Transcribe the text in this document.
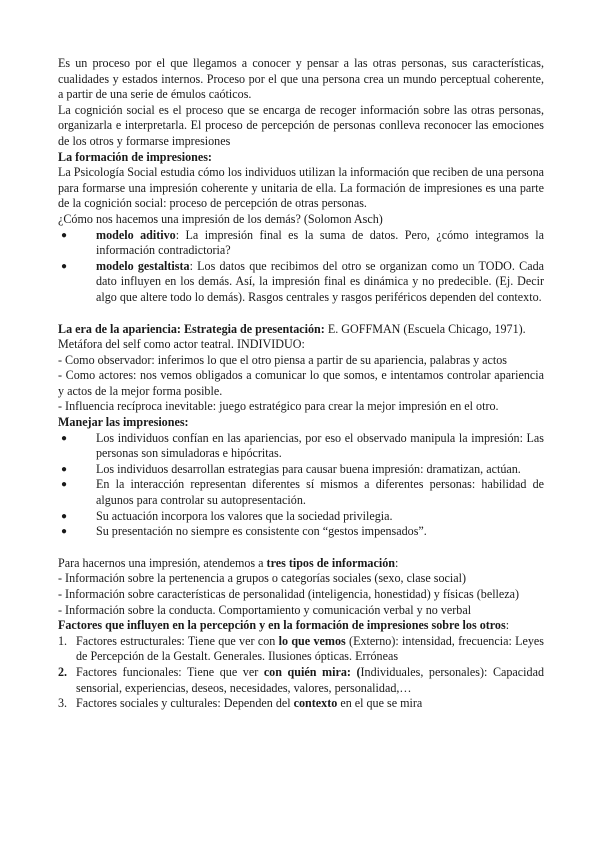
Es un proceso por el que llegamos a conocer y pensar a las otras personas, sus características, cualidades y estados internos. Proceso por el que una persona crea un mundo perceptual coherente, a partir de una serie de émulos caóticos.

La cognición social es el proceso que se encarga de recoger información sobre las otras personas, organizarla e interpretarla. El proceso de percepción de personas conlleva reconocer las emociones de los otros y formarse impresiones

La formación de impresiones:

La Psicología Social estudia cómo los individuos utilizan la información que reciben de una persona para formarse una impresión coherente y unitaria de ella. La formación de impresiones es una parte de la cognición social: proceso de percepción de otras personas.

¿Cómo nos hacemos una impresión de los demás? (Solomon Asch)

● modelo aditivo: La impresión final es la suma de datos. Pero, ¿cómo integramos la información contradictoria?
● modelo gestaltista: Los datos que recibimos del otro se organizan como un TODO. Cada dato influyen en los demás. Así, la impresión final es dinámica y no predecible. (Ej. Decir algo que altere todo lo demás). Rasgos centrales y rasgos periféricos dependen del contexto.

La era de la apariencia: Estrategia de presentación: E. GOFFMAN (Escuela Chicago, 1971).

Metáfora del self como actor teatral. INDIVIDUO:

- Como observador: inferimos lo que el otro piensa a partir de su apariencia, palabras y actos

- Como actores: nos vemos obligados a comunicar lo que somos, e intentamos controlar apariencia y actos de la mejor forma posible.

- Influencia recíproca inevitable: juego estratégico para crear la mejor impresión en el otro.

Manejar las impresiones:
● Los individuos confían en las apariencias, por eso el observado manipula la impresión: Las personas son simuladoras e hipócritas.
● Los individuos desarrollan estrategias para causar buena impresión: dramatizan, actúan.
● En la interacción representan diferentes sí mismos a diferentes personas: habilidad de algunos para controlar su autopresentación.
● Su actuación incorpora los valores que la sociedad privilegia.
● Su presentación no siempre es consistente con “gestos impensados”.

Para hacernos una impresión, atendemos a tres tipos de información:

- Información sobre la pertenencia a grupos o categorías sociales (sexo, clase social)

- Información sobre características de personalidad (inteligencia, honestidad) y físicas (belleza)

- Información sobre la conducta. Comportamiento y comunicación verbal y no verbal

Factores que influyen en la percepción y en la formación de impresiones sobre los otros:

1. Factores estructurales: Tiene que ver con lo que vemos (Externo): intensidad, frecuencia: Leyes de Percepción de la Gestalt. Generales. Ilusiones ópticas. Erróneas
2. Factores funcionales: Tiene que ver con quién mira: (Individuales, personales): Capacidad sensorial, experiencias, deseos, necesidades, valores, personalidad,…
3. Factores sociales y culturales: Dependen del contexto en el que se mira
